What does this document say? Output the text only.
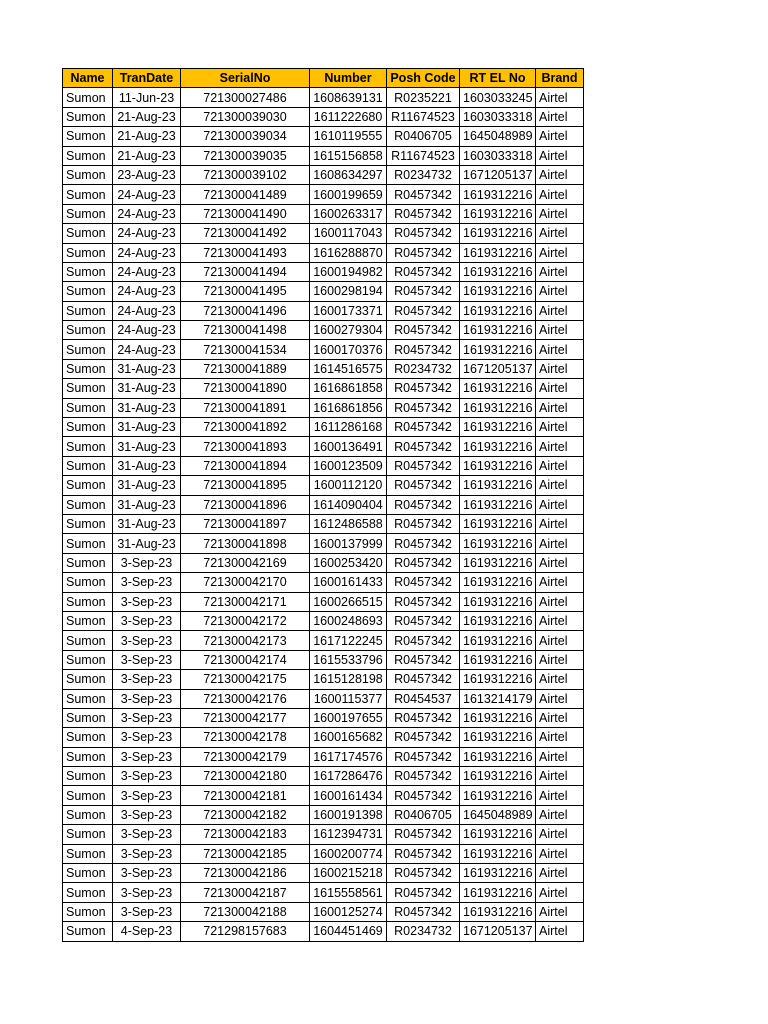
Name	TranDate	SerialNo	Number	Posh Code	RT EL No	Brand
Sumon	11-Jun-23	721300027486	1608639131	R0235221	1603033245	Airtel
Sumon	21-Aug-23	721300039030	1611222680	R11674523	1603033318	Airtel
Sumon	21-Aug-23	721300039034	1610119555	R0406705	1645048989	Airtel
Sumon	21-Aug-23	721300039035	1615156858	R11674523	1603033318	Airtel
Sumon	23-Aug-23	721300039102	1608634297	R0234732	1671205137	Airtel
Sumon	24-Aug-23	721300041489	1600199659	R0457342	1619312216	Airtel
Sumon	24-Aug-23	721300041490	1600263317	R0457342	1619312216	Airtel
Sumon	24-Aug-23	721300041492	1600117043	R0457342	1619312216	Airtel
Sumon	24-Aug-23	721300041493	1616288870	R0457342	1619312216	Airtel
Sumon	24-Aug-23	721300041494	1600194982	R0457342	1619312216	Airtel
Sumon	24-Aug-23	721300041495	1600298194	R0457342	1619312216	Airtel
Sumon	24-Aug-23	721300041496	1600173371	R0457342	1619312216	Airtel
Sumon	24-Aug-23	721300041498	1600279304	R0457342	1619312216	Airtel
Sumon	24-Aug-23	721300041534	1600170376	R0457342	1619312216	Airtel
Sumon	31-Aug-23	721300041889	1614516575	R0234732	1671205137	Airtel
Sumon	31-Aug-23	721300041890	1616861858	R0457342	1619312216	Airtel
Sumon	31-Aug-23	721300041891	1616861856	R0457342	1619312216	Airtel
Sumon	31-Aug-23	721300041892	1611286168	R0457342	1619312216	Airtel
Sumon	31-Aug-23	721300041893	1600136491	R0457342	1619312216	Airtel
Sumon	31-Aug-23	721300041894	1600123509	R0457342	1619312216	Airtel
Sumon	31-Aug-23	721300041895	1600112120	R0457342	1619312216	Airtel
Sumon	31-Aug-23	721300041896	1614090404	R0457342	1619312216	Airtel
Sumon	31-Aug-23	721300041897	1612486588	R0457342	1619312216	Airtel
Sumon	31-Aug-23	721300041898	1600137999	R0457342	1619312216	Airtel
Sumon	3-Sep-23	721300042169	1600253420	R0457342	1619312216	Airtel
Sumon	3-Sep-23	721300042170	1600161433	R0457342	1619312216	Airtel
Sumon	3-Sep-23	721300042171	1600266515	R0457342	1619312216	Airtel
Sumon	3-Sep-23	721300042172	1600248693	R0457342	1619312216	Airtel
Sumon	3-Sep-23	721300042173	1617122245	R0457342	1619312216	Airtel
Sumon	3-Sep-23	721300042174	1615533796	R0457342	1619312216	Airtel
Sumon	3-Sep-23	721300042175	1615128198	R0457342	1619312216	Airtel
Sumon	3-Sep-23	721300042176	1600115377	R0454537	1613214179	Airtel
Sumon	3-Sep-23	721300042177	1600197655	R0457342	1619312216	Airtel
Sumon	3-Sep-23	721300042178	1600165682	R0457342	1619312216	Airtel
Sumon	3-Sep-23	721300042179	1617174576	R0457342	1619312216	Airtel
Sumon	3-Sep-23	721300042180	1617286476	R0457342	1619312216	Airtel
Sumon	3-Sep-23	721300042181	1600161434	R0457342	1619312216	Airtel
Sumon	3-Sep-23	721300042182	1600191398	R0406705	1645048989	Airtel
Sumon	3-Sep-23	721300042183	1612394731	R0457342	1619312216	Airtel
Sumon	3-Sep-23	721300042185	1600200774	R0457342	1619312216	Airtel
Sumon	3-Sep-23	721300042186	1600215218	R0457342	1619312216	Airtel
Sumon	3-Sep-23	721300042187	1615558561	R0457342	1619312216	Airtel
Sumon	3-Sep-23	721300042188	1600125274	R0457342	1619312216	Airtel
Sumon	4-Sep-23	721298157683	1604451469	R0234732	1671205137	Airtel
